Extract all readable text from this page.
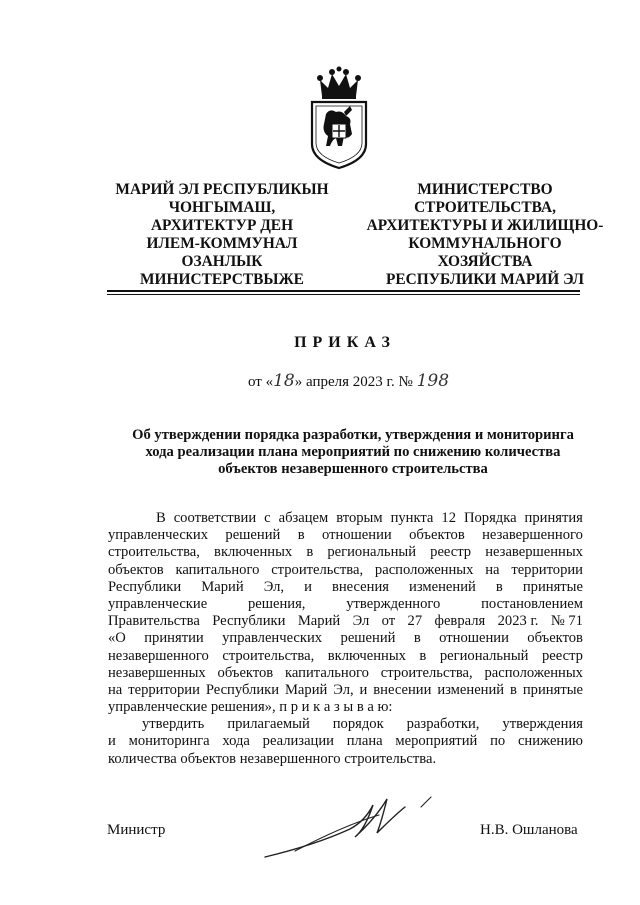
МАРИЙ ЭЛ РЕСПУБЛИКЫН
ЧОНГЫМАШ,
АРХИТЕКТУР ДЕН
ИЛЕМ-КОММУНАЛ
ОЗАНЛЫК
МИНИСТЕРСТВЫЖЕ
МИНИСТЕРСТВО
СТРОИТЕЛЬСТВА,
АРХИТЕКТУРЫ И ЖИЛИЩНО-
КОММУНАЛЬНОГО
ХОЗЯЙСТВА
РЕСПУБЛИКИ МАРИЙ ЭЛ
ПРИКАЗ
от «18» апреля 2023 г. № 198
Об утверждении порядка разработки, утверждения и мониторинга
хода реализации плана мероприятий по снижению количества
объектов незавершенного строительства
В соответствии с абзацем вторым пункта 12 Порядка принятия
управленческих решений в отношении объектов незавершенного
строительства, включенных в региональный реестр незавершенных
объектов капитального строительства, расположенных на территории
Республики Марий Эл, и внесения изменений в принятые
управленческие	решения,	утвержденного	постановлением
Правительства Республики Марий Эл от 27 февраля 2023 г. № 71
«О принятии управленческих решений в отношении объектов
незавершенного строительства, включенных в региональный реестр
незавершенных объектов капитального строительства, расположенных
на территории Республики Марий Эл, и внесении изменений в принятые
управленческие решения», п р и к а з ы в а ю:
утвердить прилагаемый порядок разработки, утверждения
и мониторинга хода реализации плана мероприятий по снижению
количества объектов незавершенного строительства.
Министр	Н.В. Ошланова
